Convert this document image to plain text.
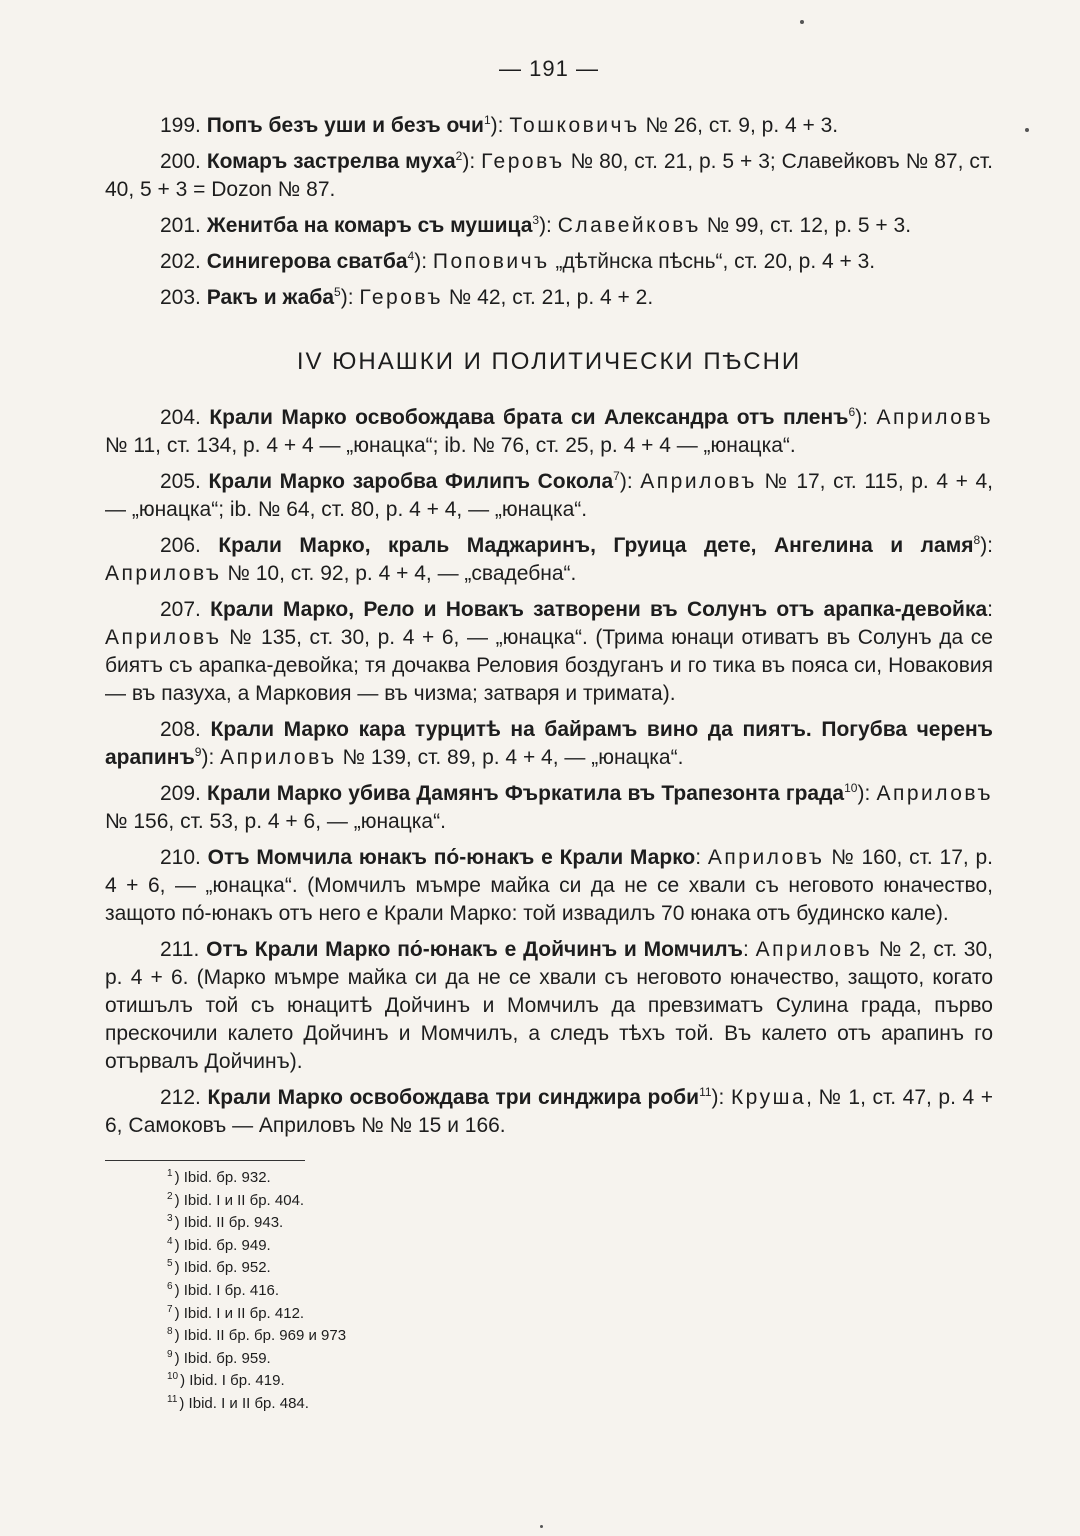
— 191 —

199. Попъ безъ уши и безъ очи$^1$): Тошковичъ № 26, ст. 9, р. 4 + 3.

200. Комаръ застрелва муха$^2$): Геровъ № 80, ст. 21, р. 5 + 3; Славейковъ № 87, ст. 40, 5 + 3 = Dozon № 87.

201. Женитба на комаръ съ мушица$^3$): Славейковъ № 99, ст. 12, р. 5 + 3.

202. Синигерова сватба$^4$): Поповичъ „дѣтйнска пѣснь“, ст. 20, р. 4 + 3.

203. Ракъ и жаба$^5$): Геровъ № 42, ст. 21, р. 4 + 2.

IV ЮНАШКИ И ПОЛИТИЧЕСКИ ПѢСНИ

204. Крали Марко освобождава брата си Александра отъ пленъ$^6$): Априловъ № 11, ст. 134, р. 4 + 4 — „юнацка“; ib. № 76, ст. 25, р. 4 + 4 — „юнацка“.

205. Крали Марко заробва Филипъ Сокола$^7$): Априловъ № 17, ст. 115, р. 4 + 4, — „юнацка“; ib. № 64, ст. 80, р. 4 + 4, — „юнацка“.

206. Крали Марко, краль Маджаринъ, Груица дете, Ангелина и ламя$^8$): Априловъ № 10, ст. 92, р. 4 + 4, — „свадебна“.

207. Крали Марко, Рело и Новакъ затворени въ Солунъ отъ арапка-девойка: Априловъ № 135, ст. 30, р. 4 + 6, — „юнацка“. (Трима юнаци отиватъ въ Солунъ да се биятъ съ арапка-девойка; тя дочаква Реловия боздуганъ и го тика въ пояса си, Новаковия — въ пазуха, а Марковия — въ чизма; затваря и тримата).

208. Крали Марко кара турцитѣ на байрамъ вино да пиятъ. Погубва черенъ арапинъ$^9$): Априловъ № 139, ст. 89, р. 4 + 4, — „юнацка“.

209. Крали Марко убива Дамянъ Фъркатила въ Трапезонта града$^{10}$): Априловъ № 156, ст. 53, р. 4 + 6, — „юнацка“.

210. Отъ Момчила юнакъ по́-юнакъ е Крали Марко: Априловъ № 160, ст. 17, р. 4 + 6, — „юнацка“. (Момчилъ мъмре майка си да не се хвали съ неговото юначество, защото по́-юнакъ отъ него е Крали Марко: той извадилъ 70 юнака отъ будинско кале).

211. Отъ Крали Марко по́-юнакъ е Дойчинъ и Момчилъ: Априловъ № 2, ст. 30, р. 4 + 6. (Марко мъмре майка си да не се хвали съ неговото юначество, защото, когато отишълъ той съ юнацитѣ Дойчинъ и Момчилъ да превзиматъ Сулина града, първо прескочили калето Дойчинъ и Момчилъ, а следъ тѣхъ той. Въ калето отъ арапинъ го отървалъ Дойчинъ).

212. Крали Марко освобождава три синджира роби$^{11}$): Круша, № 1, ст. 47, р. 4 + 6, Самоковъ — Априловъ № № 15 и 166.

$^1$ ) Ibid. бр. 932.
$^2$ ) Ibid. I и II бр. 404.
$^3$ ) Ibid. II бр. 943.
$^4$ ) Ibid. бр. 949.
$^5$ ) Ibid. бр. 952.
$^6$ ) Ibid. I бр. 416.
$^7$ ) Ibid. I и II бр. 412.
$^8$ ) Ibid. II бр. бр. 969 и 973
$^9$ ) Ibid. бр. 959.
$^{10}$ ) Ibid. I бр. 419.
$^{11}$ ) Ibid. I и II бр. 484.
